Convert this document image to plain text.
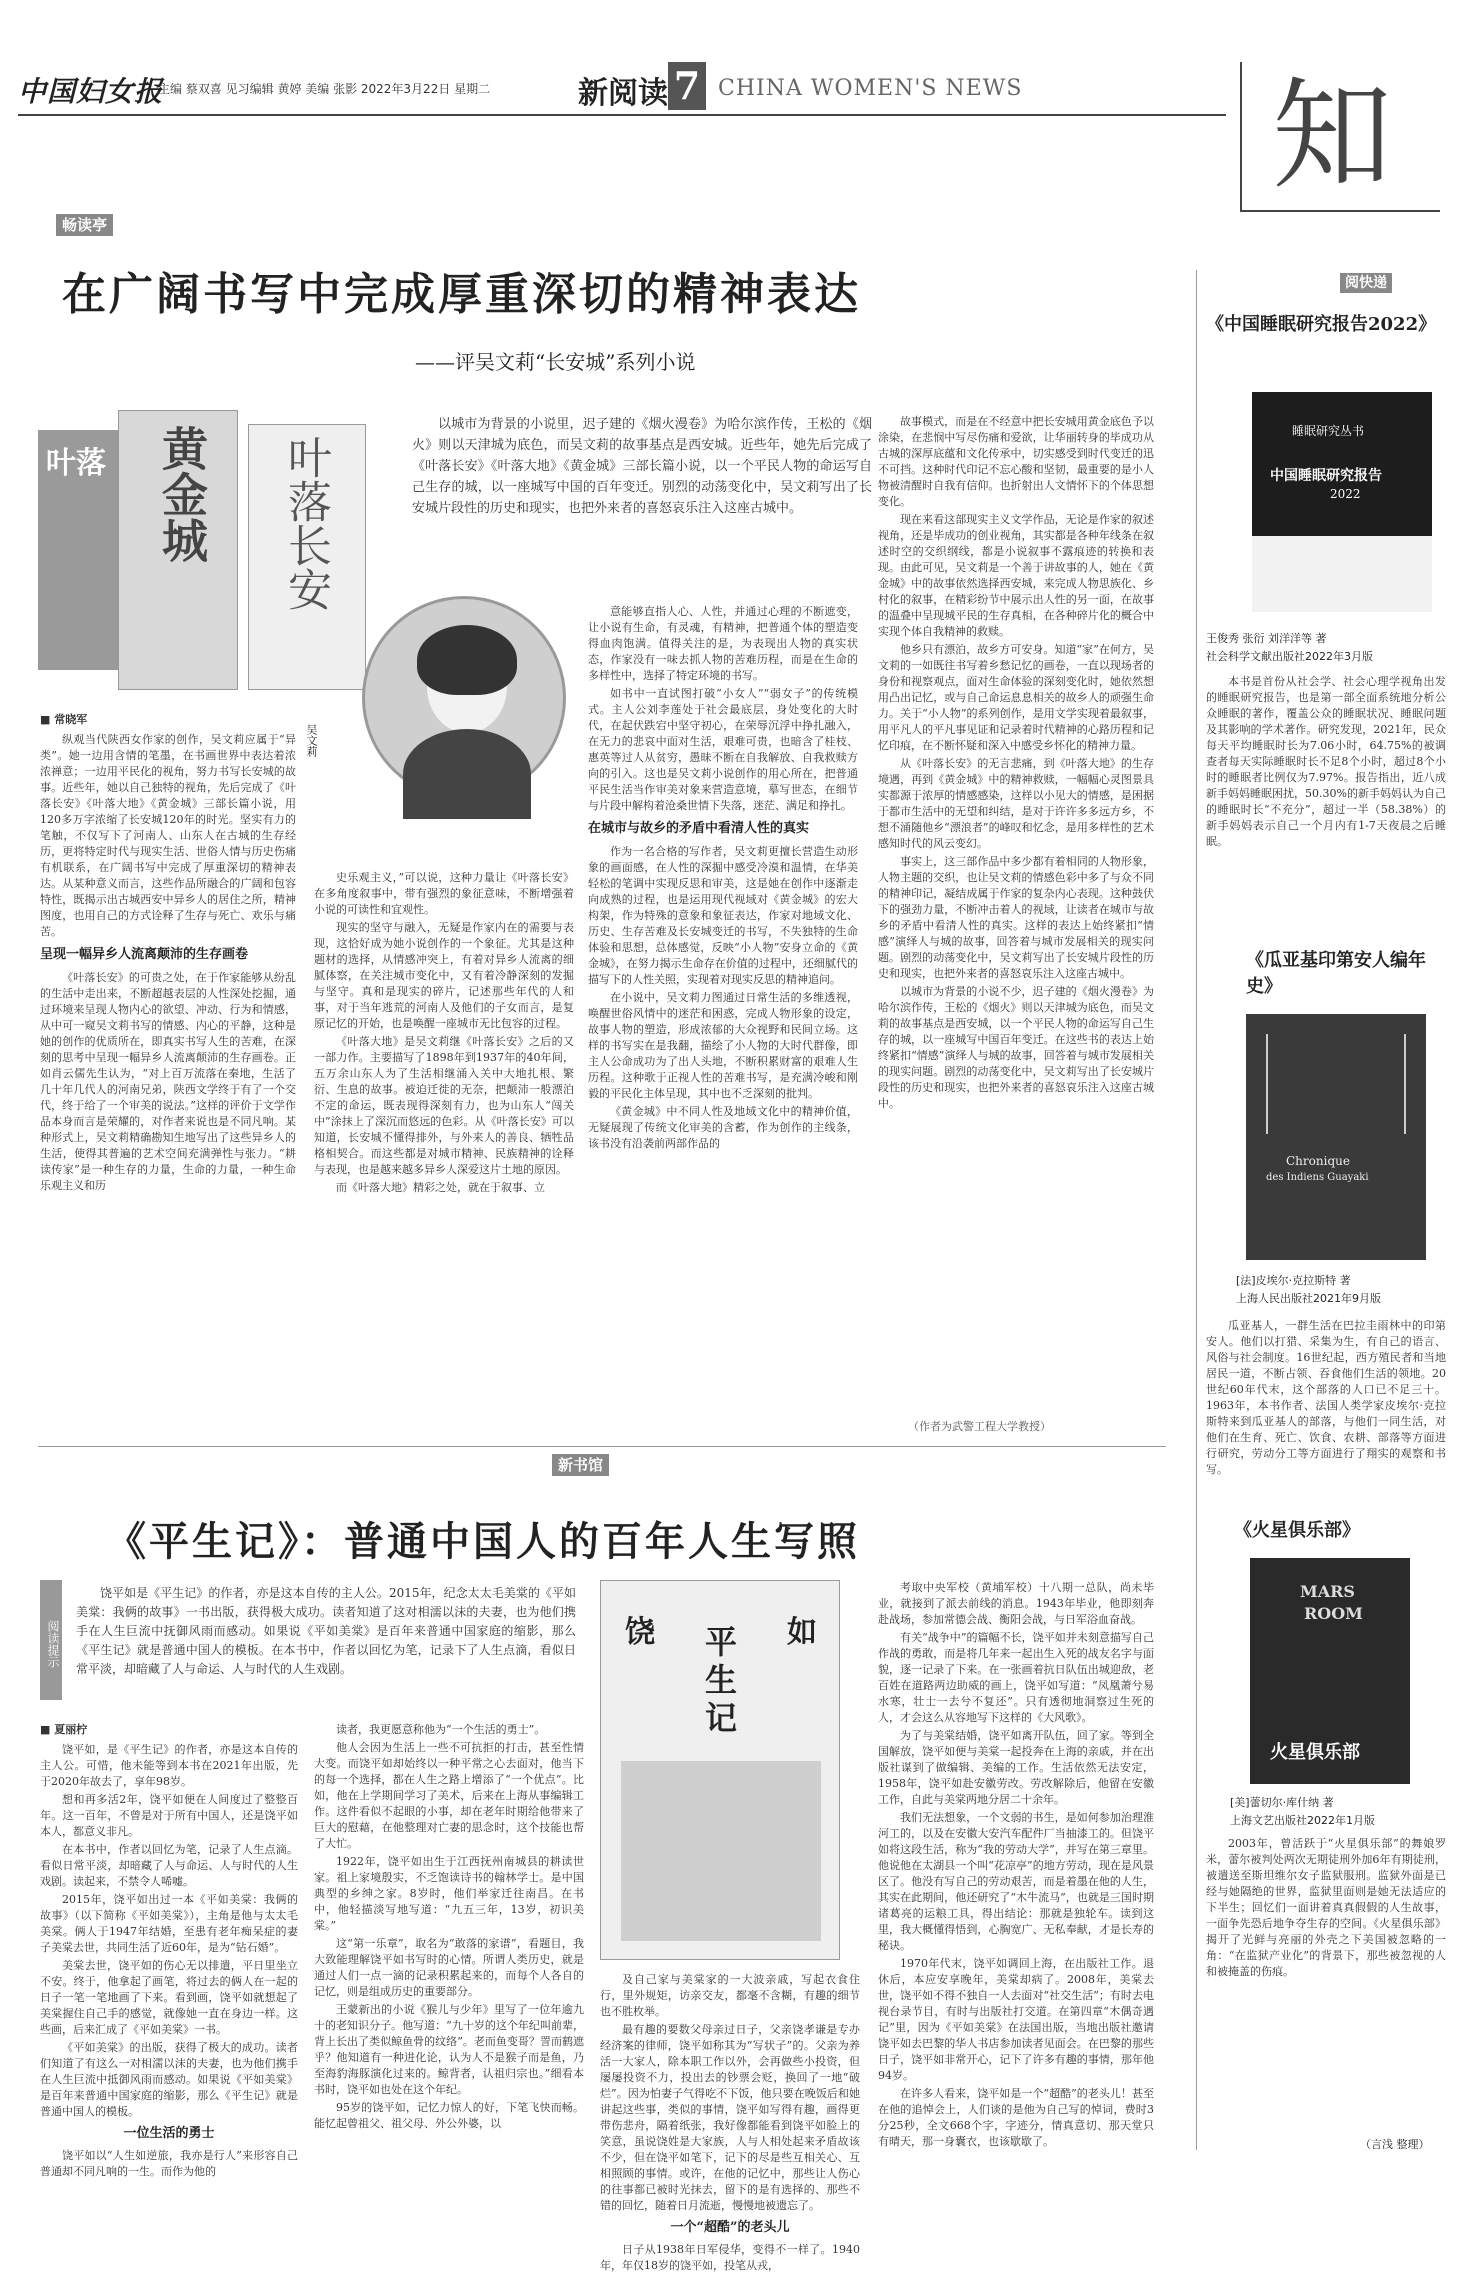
中国妇女报
主编 蔡双喜 见习编辑 黄婷 美编 张影 2022年3月22日 星期二	新阅读 7 CHINA WOMEN'S NEWS 知
畅读亭
在广阔书写中完成厚重深切的精神表达
——评吴文莉“长安城”系列小说
叶落	黄金城	叶落长安
以城市为背景的小说里，迟子建的《烟火漫卷》为哈尔滨作传，王松的《烟火》则以天津城为底色，而吴文莉的故事基点是西安城。近些年，她先后完成了《叶落长安》《叶落大地》《黄金城》三部长篇小说，以一个平民人物的命运写自己生存的城，以一座城写中国的百年变迁。别烈的动荡变化中，吴文莉写出了长安城片段性的历史和现实，也把外来者的喜怒哀乐注入这座古城中。
吴文莉
■ 常晓军

纵观当代陕西女作家的创作，吴文莉应属于“异类”。她一边用含情的笔墨，在书画世界中表达着浓浓禅意；一边用平民化的视角，努力书写长安城的故事。近些年，她以自己独特的视角，先后完成了《叶落长安》《叶落大地》《黄金城》三部长篇小说，用120多万字浓缩了长安城120年的时光。坚实有力的笔触，不仅写下了河南人、山东人在古城的生存经历，更将特定时代与现实生活、世俗人情与历史伤痛有机联系，在广阔书写中完成了厚重深切的精神表达。从某种意义而言，这些作品所融合的广阔和包容特性，既揭示出古城西安中异乡人的居住之所，精神图度，也用自己的方式诠释了生存与死亡、欢乐与痛苦。

呈现一幅异乡人流离颠沛的生存画卷

《叶落长安》的可贵之处，在于作家能够从纷乱的生活中走出来，不断超越表层的人性深处挖掘，通过环境来呈现人物内心的欲望、冲动、行为和情感，从中可一窥吴文莉书写的情感、内心的平静，这种是她的创作的优质所在，即真实书写人生的苦难，在深刻的思考中呈现一幅异乡人流离颠沛的生存画卷。正如肖云儒先生认为，“对上百万流落在秦地，生活了几十年几代人的河南兄弟，陕西文学终于有了一个交代，终于给了一个审美的说法。”这样的评价于文学作品本身而言是荣耀的，对作者来说也是不同凡响。某种形式上，吴文莉精确勘知生地写出了这些异乡人的生活，使得其普遍的艺术空间充满弹性与张力。“耕读传家”是一种生存的力量，生命的力量，一种生命乐观主义和历

史乐观主义，”可以说，这种力量让《叶落长安》在多角度叙事中，带有强烈的象征意味，不断增强着小说的可读性和宜观性。

现实的坚守与融入，无疑是作家内在的需要与表现，这恰好成为她小说创作的一个象征。尤其是这种题材的选择，从情感冲突上，有着对异乡人流离的细腻体察，在关注城市变化中，又有着冷静深刻的发掘与坚守。真和是现实的碎片，记述那些年代的人和事，对于当年逃荒的河南人及他们的子女而言，是复原记忆的开始，也是唤醒一座城市无比包容的过程。

《叶落大地》是吴文莉继《叶落长安》之后的又一部力作。主要描写了1898年到1937年的40年间，五万余山东人为了生活相继涌入关中大地扎根、繁衍、生息的故事。被迫迁徙的无奈，把颠沛一般漂泊不定的命运，既表现得深刻有力，也为山东人“闯关中”涂抹上了深沉而悠远的色彩。从《叶落长安》可以知道，长安城不懂得排外，与外来人的善良、牺牲品格相契合。而这些都是对城市精神、民族精神的诠释与表现，也是越来越多异乡人深爱这片土地的原因。

而《叶落大地》精彩之处，就在于叙事、立

意能够直指人心、人性，并通过心理的不断遮变，让小说有生命，有灵魂，有精神，把普通个体的塑造变得血肉饱满。值得关注的是，为表现出人物的真实状态，作家没有一味去抓人物的苦难历程，而是在生命的多样性中，选择了特定环境的书写。

如书中一直试图打破“小女人”“弱女子”的传统模式。主人公刘李莲处于社会最底层，身处变化的大时代，在起伏跌宕中坚守初心，在荣辱沉浮中挣扎融入，在无力的悲哀中面对生活，艰难可贵，也暗含了桂枝、惠英等过人从贫穷，愚昧不断在自我解放、自我救赎方向的引入。这也是吴文莉小说创作的用心所在，把普通平民生活当作审美对象来营造意境，摹写世态，在细节与片段中解构着沧桑世情下失落，迷茫、满足和挣扎。

在城市与故乡的矛盾中看清人性的真实

作为一名合格的写作者，吴文莉更擅长营造生动形象的画面感，在人性的深掘中感受冷漠和温情，在华美轻松的笔调中实现反思和审美，这是她在创作中逐渐走向成熟的过程，也是运用现代视域对《黄金城》的宏大构架，作为特殊的意象和象征表达，作家对地域文化、历史、生存苦难及长安城变迁的书写，不失独特的生命体验和思想，总体感觉，反映“小人物”安身立命的《黄金城》，在努力揭示生命存在价值的过程中，还细腻代的描写下的人性关照，实现着对现实反思的精神追问。

在小说中，吴文莉力图通过日常生活的多维透视，唤醒世俗风情中的迷茫和困惑，完成人物形象的设定，故事人物的塑造，形成浓郁的大众视野和民间立场。这样的书写实在是我翻，描绘了小人物的大时代群像，即主人公命成功为了出人头地，不断积累财富的艰难人生历程。这种歌于正视人性的苦难书写，是充满冷峻和刚毅的平民化主体呈现，其中也不乏深刻的批判。

《黄金城》中不同人性及地域文化中的精神价值，无疑展现了传统文化审美的含蓄，作为创作的主线条，该书没有沿袭前两部作品的

故事模式，而是在不经意中把长安城用黄金底色予以涂染，在悲悯中写尽伤痛和爱欲，让华丽转身的毕成功从古城的深厚底蕴和文化传承中，切实感受到时代变迁的迅不可挡。这种时代印记不忘心酸和坚韧，最重要的是小人物被清醒时自我有信仰。也折射出人文情怀下的个体思想变化。

现在来看这部现实主义文学作品，无论是作家的叙述视角，还是毕成功的创业视角，其实都是各种年线条在叙述时空的交织纲线，都是小说叙事不露痕迹的转换和表现。由此可见，吴文莉是一个善于讲故事的人，她在《黄金城》中的故事依然选择西安城，来完成人物思族化、乡村化的叙事，在精彩纷节中展示出人性的另一面，在故事的温叠中呈现城平民的生存真相，在各种碎片化的概合中实现个体自我精神的救赎。

他乡只有漂泊，故乡方可安身。知道“家”在何方，吴文莉的一如既往书写着乡愁记忆的画卷，一直以现场者的身份和视察观点，面对生命体验的深刻变化时，她依然想用凸出记忆，或与自己命运息息相关的故乡人的顽强生命力。关于“小人物”的系列创作，是用文学实现着最叙事，用平凡人的平凡事见证和记录着时代精神的心路历程和记忆印痕，在不断怀疑和深入中感受乡怀化的精神力量。

从《叶落长安》的无言悲痛，到《叶落大地》的生存境遇，再到《黄金城》中的精神救赎，一幅幅心灵图景具实都源于浓厚的情感感染，这样以小见大的情感，是困据于都市生活中的无望和纠结，是对于许许多多远方乡，不想不涌随他乡“漂浪者”的峰叹和忆念，是用多样性的艺术感知时代的风云变幻。

事实上，这三部作品中多少都有着相同的人物形象，人物主题的交织，也让吴文莉的情感色彩中多了与众不同的精神印记，凝结成属于作家的复杂内心表现。这种鼓伏下的强劲力量，不断冲击着人的视域，让读者在城市与故乡的矛盾中看清人性的真实。这样的表达上始终紧扣“情感”演绎人与城的故事，回答着与城市发展相关的现实问题。剧烈的动荡变化中，吴文莉写出了长安城片段性的历史和现实，也把外来者的喜怒哀乐注入这座古城中。

以城市为背景的小说不少，迟子建的《烟火漫卷》为哈尔滨作传，王松的《烟火》则以天津城为底色，而吴文莉的故事基点是西安城，以一个平民人物的命运写自己生存的城，以一座城写中国百年变迁。在这些书的表达上始终紧扣“情感”演绎人与城的故事，回答着与城市发展相关的现实问题。剧烈的动荡变化中，吴文莉写出了长安城片段性的历史和现实，也把外来者的喜怒哀乐注入这座古城中。

（作者为武警工程大学教授）
阅快递
《中国睡眠研究报告2022》
睡眠研究丛书
中国睡眠研究报告
2022
王俊秀 张衍 刘洋洋等 著
社会科学文献出版社2022年3月版
本书是首份从社会学、社会心理学视角出发的睡眠研究报告，也是第一部全面系统地分析公众睡眠的著作，覆盖公众的睡眠状况、睡眠问题及其影响的学术著作。研究发现，2021年，民众每天平均睡眠时长为7.06小时，64.75%的被调查者每天实际睡眠时长不足8个小时，超过8个小时的睡眠者比例仅为7.97%。报告指出，近八成新手妈妈睡眠困扰，50.30%的新手妈妈认为自己的睡眠时长“不充分”，超过一半（58.38%）的新手妈妈表示自己一个月内有1-7天夜晨之后睡眠。
《瓜亚基印第安人编年史》
Chronique
des Indiens Guayaki
[法]皮埃尔·克拉斯特 著
上海人民出版社2021年9月版
瓜亚基人，一群生活在巴拉圭雨林中的印第安人。他们以打猎、采集为生，有自己的语言、风俗与社会制度。16世纪起，西方殖民者和当地居民一道，不断占领、吞食他们生活的领地。20世纪60年代末，这个部落的人口已不足三十。1963年，本书作者、法国人类学家皮埃尔·克拉斯特来到瓜亚基人的部落，与他们一同生活，对他们在生育、死亡、饮食、农耕、部落等方面进行研究，劳动分工等方面进行了翔实的观察和书写。
《火星俱乐部》
MARS
ROOM
火星俱乐部
[美]蕾切尔·库什纳 著
上海文艺出版社2022年1月版
2003年，曾活跃于“火星俱乐部”的舞娘罗米，蕾尔被判处两次无期徒刑外加6年有期徒刑，被遣送至斯坦维尔女子监狱服刑。监狱外面是已经与她隔绝的世界，监狱里面则是她无法适应的下半生；回忆们一面讲着真真假假的人生故事，一面争先恐后地争夺生存的空间。《火星俱乐部》揭开了光鲜与亮丽的外壳之下美国被忽略的一角：“在监狱产业化”的背景下，那些被忽视的人和被掩盖的伤痕。
（言浅 整理）
新书馆
《平生记》：普通中国人的百年人生写照
阅读提示
饶平如是《平生记》的作者，亦是这本自传的主人公。2015年，纪念太太毛美棠的《平如美棠：我俩的故事》一书出版，获得极大成功。读者知道了这对相濡以沫的夫妻，也为他们携手在人生巨流中抚御风雨而感动。如果说《平如美棠》是百年来普通中国家庭的缩影，那么《平生记》就是普通中国人的模板。在本书中，作者以回忆为笔，记录下了人生点滴，看似日常平淡，却暗藏了人与命运、人与时代的人生戏剧。
饶 平 如
生
记
■ 夏丽柠

饶平如，是《平生记》的作者，亦是这本自传的主人公。可惜，他未能等到本书在2021年出版，先于2020年故去了，享年98岁。

想和再多活2年，饶平如便在人间度过了整整百年。这一百年，不曾是对于所有中国人，还是饶平如本人，都意义非凡。

在本书中，作者以回忆为笔，记录了人生点滴。看似日常平淡，却暗藏了人与命运、人与时代的人生戏剧。读起来，不禁令人唏嘘。

2015年，饶平如出过一本《平如美棠：我俩的故事》（以下简称《平如美棠》），主角是他与太太毛美棠。俩人于1947年结婚，至患有老年痴呆症的妻子美棠去世，共同生活了近60年，是为“钻石婚”。

美棠去世，饶平如的伤心无以排遣，平日里坐立不安。终于，他拿起了画笔，将过去的俩人在一起的日子一笔一笔地画了下来。看到画，饶平如就想起了美棠握住自己手的感觉，就像她一直在身边一样。这些画，后来汇成了《平如美棠》一书。

《平如美棠》的出版，获得了极大的成功。读者们知道了有这么一对相濡以沫的夫妻，也为他们携手在人生巨流中抵御风雨而感动。如果说《平如美棠》是百年来普通中国家庭的缩影，那么《平生记》就是普通中国人的模板。

一位生活的勇士

饶平如以“人生如逆旅，我亦是行人”来形容自己普通却不同凡响的一生。而作为他的

读者，我更愿意称他为“一个生活的勇士”。

他人会因为生活上一些不可抗拒的打击，甚至性情大变。而饶平如却始终以一种平常之心去面对，他当下的每一个选择，都在人生之路上增添了“一个优点”。比如，他在上学期间学习了美术，后来在上海从事编辑工作。这件看似不起眼的小事，却在老年时期给他带来了巨大的慰藉，在他整理对亡妻的思念时，这个技能也帮了大忙。

1922年，饶平如出生于江西抚州南城县的耕读世家。祖上家境殷实，不乏饱读诗书的翰林学士。是中国典型的乡绅之家。8岁时，他们举家迁往南昌。在书中，他轻描淡写地写道：“九五三年，13岁，初识美棠。”

这“第一乐章”，取名为“敢落的家谱”，看题目，我大致能理解饶平如书写时的心情。所谓人类历史，就是通过人们一点一滴的记录积累起来的，而每个人各自的记忆，则是组成历史的重要部分。

王蒙新出的小说《猴儿与少年》里写了一位年逾九十的老知识分子。他写道：“九十岁的这个年纪叫前辈，背上长出了类似鲸鱼骨的纹络”。老而鱼变哥？詈而鹤遮乎？他知道有一种进化论，认为人不是猴子而是鱼，乃至海豹海豚演化过来的。鲸背者，认祖归宗也。”细看本书时，饶平如也处在这个年纪。

95岁的饶平如，记忆力惊人的好，下笔飞快而畅。能忆起曾祖父、祖父母、外公外婆，以

及自己家与美棠家的一大波亲戚，写起衣食住行，里外规矩，访亲交友，都毫不含糊，有趣的细节也不胜枚举。

最有趣的要数父母亲过日子，父亲饶孝谦是专办经济案的律师，饶平如称其为“写状子”的。父亲为养活一大家人，除本职工作以外，会再做些小投资，但屡屡投资不力，投出去的钞票会贬，换回了一地“破烂”。因为怕妻子气得吃不下饭，他只要在晚饭后和她讲起这些事，类似的事情，饶平如写得有趣，画得更带伤悲舟，隔着纸张，我好像都能看到饶平如脸上的笑意，虽说饶姓是大家族，人与人相处起来矛盾故该不少，但在饶平如笔下，记下的尽是些互相关心、互相照顾的事情。或许，在他的记忆中，那些让人伤心的往事都已被时光抹去，留下的是有选择的、那些不错的回忆，随着日月流逝，慢慢地被遗忘了。

一个“超酷”的老头儿

日子从1938年日军侵华，变得不一样了。1940年，年仅18岁的饶平如，投笔从戎，

考取中央军校（黄埔军校）十八期一总队，尚未毕业，就接到了派去前线的消息。1943年毕业，他即刻奔赴战场，参加常德会战、衡阳会战，与日军浴血奋战。

有关“战争中”的篇幅不长，饶平如并未刻意描写自己作战的勇敢，而是将几年来一起出生入死的战友名字与面貌，逐一记录了下来。在一张画着抗日队伍出城迎敌，老百姓在道路两边助威的画上，饶平如写道：“凤凰萧兮易水寒，壮士一去兮不复还”。只有透彻地洞察过生死的人，才会这么从容地写下这样的《大风歌》。

为了与美棠结婚，饶平如离开队伍，回了家。等到全国解放，饶平如便与美棠一起投奔在上海的亲戚，并在出版社谋到了做编辑、美编的工作。生活依然无法安定，1958年，饶平如赴安徽劳改。劳改解除后，他留在安徽工作，自此与美棠两地分居二十余年。

我们无法想象，一个文弱的书生，是如何参加治理淮河工的，以及在安徽大安汽车配件厂当抽漆工的。但饶平如将这段生活，称为“我的劳动大学”，并写在第三章里。他说他在太湖县一个叫“花凉亭”的地方劳动，现在是风景区了。他没有写自己的劳动艰苦，而是着墨在他的人生，其实在此期间，他还研究了“木牛流马”，也就是三国时期诸葛亮的运粮工具，得出结论：那就是独轮车。读到这里，我大概懂得悟到，心胸宽广、无私奉献，才是长寿的秘诀。

1970年代末，饶平如调回上海，在出版社工作。退休后，本应安享晚年，美棠却病了。2008年，美棠去世，饶平如不得不独自一人去面对“社交生活”；有时去电视台录节目，有时与出版社打交道。在第四章“木偶奇遇记”里，因为《平如美棠》在法国出版，当地出版社邀请饶平如去巴黎的华人书店参加读者见面会。在巴黎的那些日子，饶平如非常开心，记下了许多有趣的事情，那年他94岁。

在许多人看来，饶平如是一个“超酷”的老头儿！甚至在他的追悼会上，人们谈的是他为自己写的悼词，费时3分25秒，全文668个字，字迹分，情真意切、那天堂只有晴天，那一身囊衣，也该歇歇了。
